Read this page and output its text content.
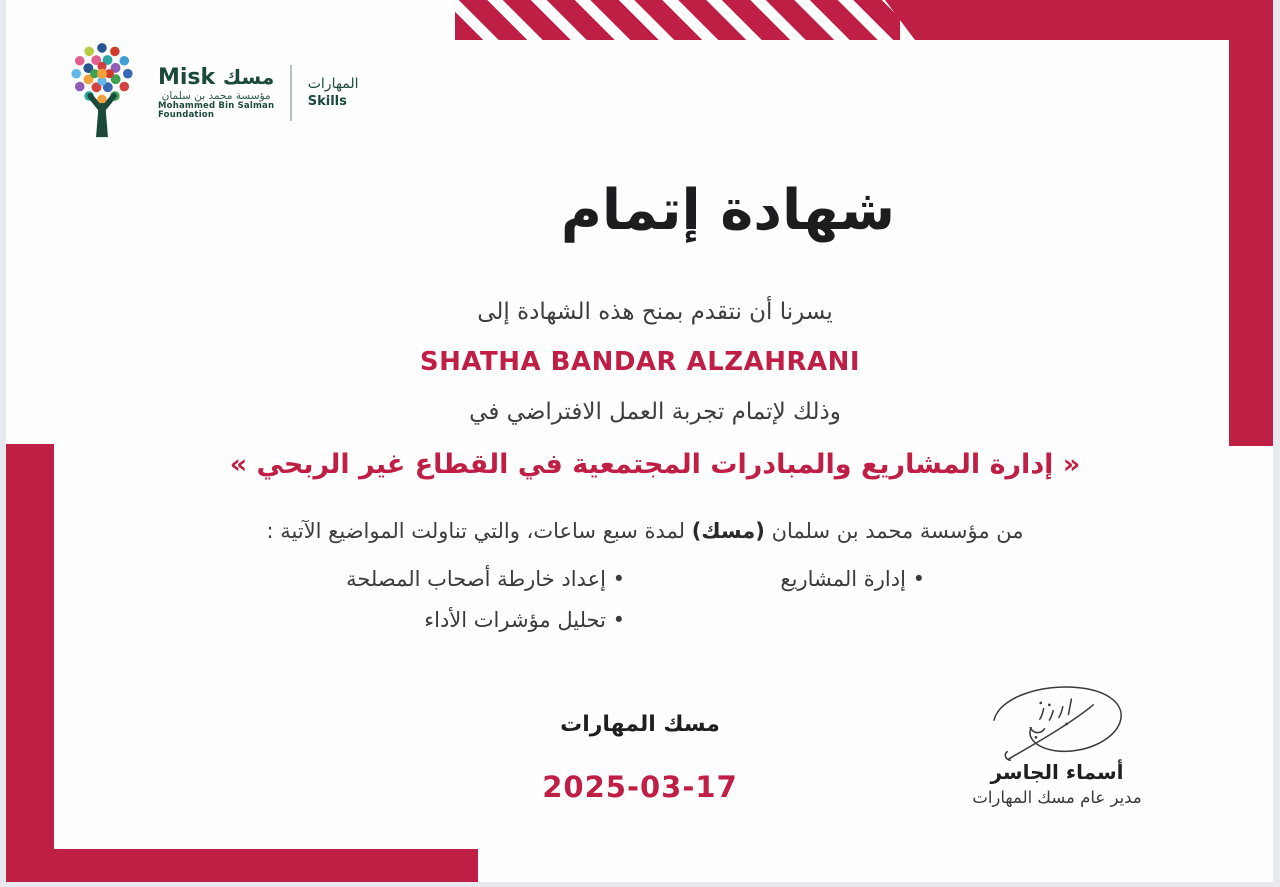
Misk مسك
مؤسسة محمد بن سلمان
Mohammed Bin Salman
Foundation
المهارات
Skills
شهادة إتمام
يسرنا أن نتقدم بمنح هذه الشهادة إلى
SHATHA BANDAR ALZAHRANI
وذلك لإتمام تجربة العمل الافتراضي في
« إدارة المشاريع والمبادرات المجتمعية في القطاع غير الربحي »
من مؤسسة محمد بن سلمان (مسك) لمدة سبع ساعات، والتي تناولت المواضيع الآتية :
• إدارة المشاريع
• إعداد خارطة أصحاب المصلحة
• تحليل مؤشرات الأداء
مسك المهارات
2025-03-17	أسماء الجاسر
مدير عام مسك المهارات
